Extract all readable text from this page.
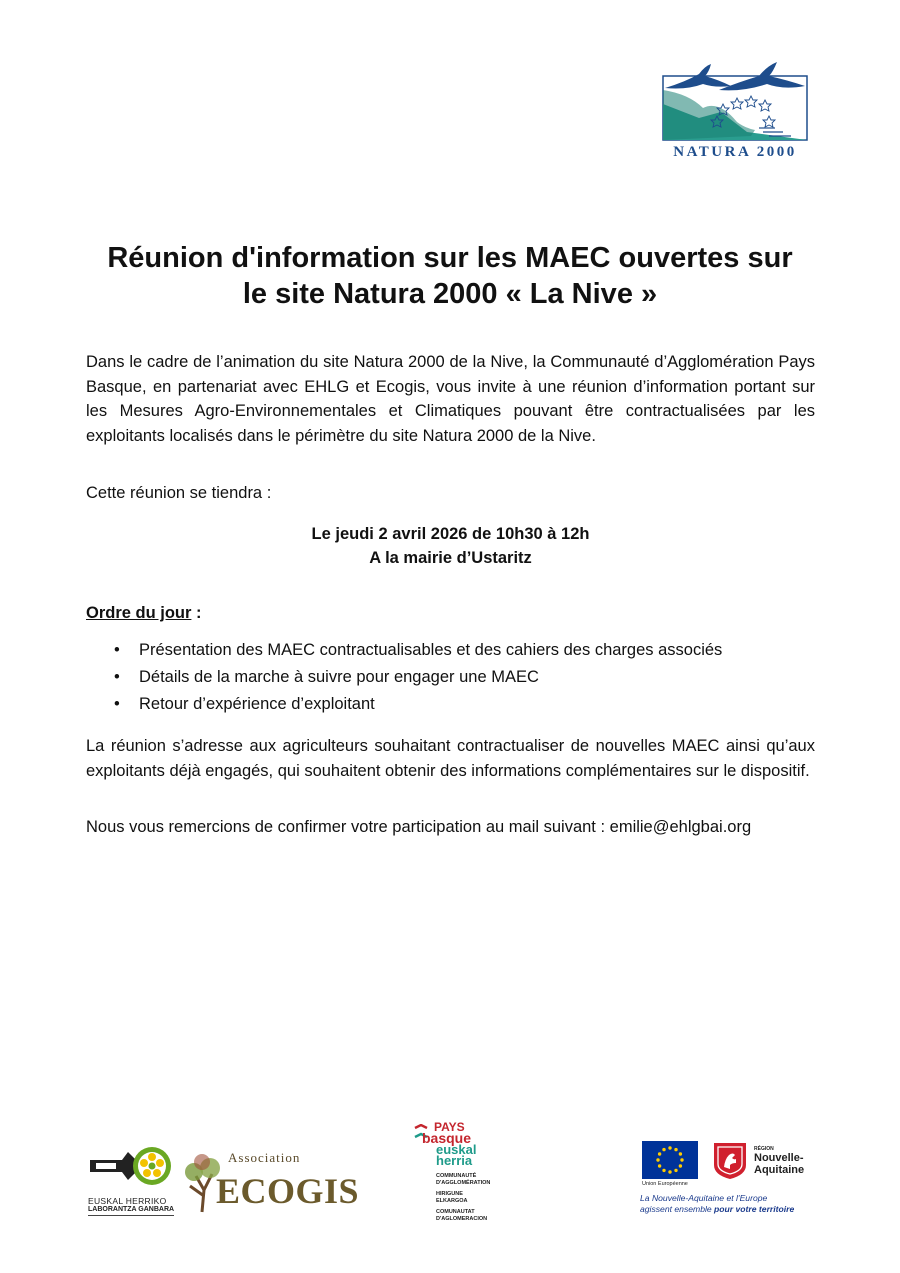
NATURA 2000
Réunion d'information sur les MAEC ouvertes sur
le site Natura 2000 « La Nive »

Dans le cadre de l’animation du site Natura 2000 de la Nive, la Communauté d’Agglomération Pays Basque, en partenariat avec EHLG et Ecogis, vous invite à une réunion d’information portant sur les Mesures Agro-Environnementales et Climatiques pouvant être contractualisées par les exploitants localisés dans le périmètre du site Natura 2000 de la Nive.

Cette réunion se tiendra :

Le jeudi 2 avril 2026 de 10h30 à 12h

A la mairie d’Ustaritz

Ordre du jour :

• Présentation des MAEC contractualisables et des cahiers des charges associés
• Détails de la marche à suivre pour engager une MAEC
• Retour d’expérience d’exploitant

La réunion s’adresse aux agriculteurs souhaitant contractualiser de nouvelles MAEC ainsi qu’aux exploitants déjà engagés, qui souhaitent obtenir des informations complémentaires sur le dispositif.

Nous vous remercions de confirmer votre participation au mail suivant : emilie@ehlgbai.org

EUSKAL HERRIKO
LABORANTZA GANBARA
Association
ECOGIS
PAYS
basque
euskal
herria
COMMUNAUTÉ
D'AGGLOMÉRATION
HIRIGUNE
ELKARGOA
COMUNAUTAT
D'AGLOMERACION
Union Européenne
RÉGION
Nouvelle-
Aquitaine
La Nouvelle-Aquitaine et l'Europe
agissent ensemble pour votre territoire
